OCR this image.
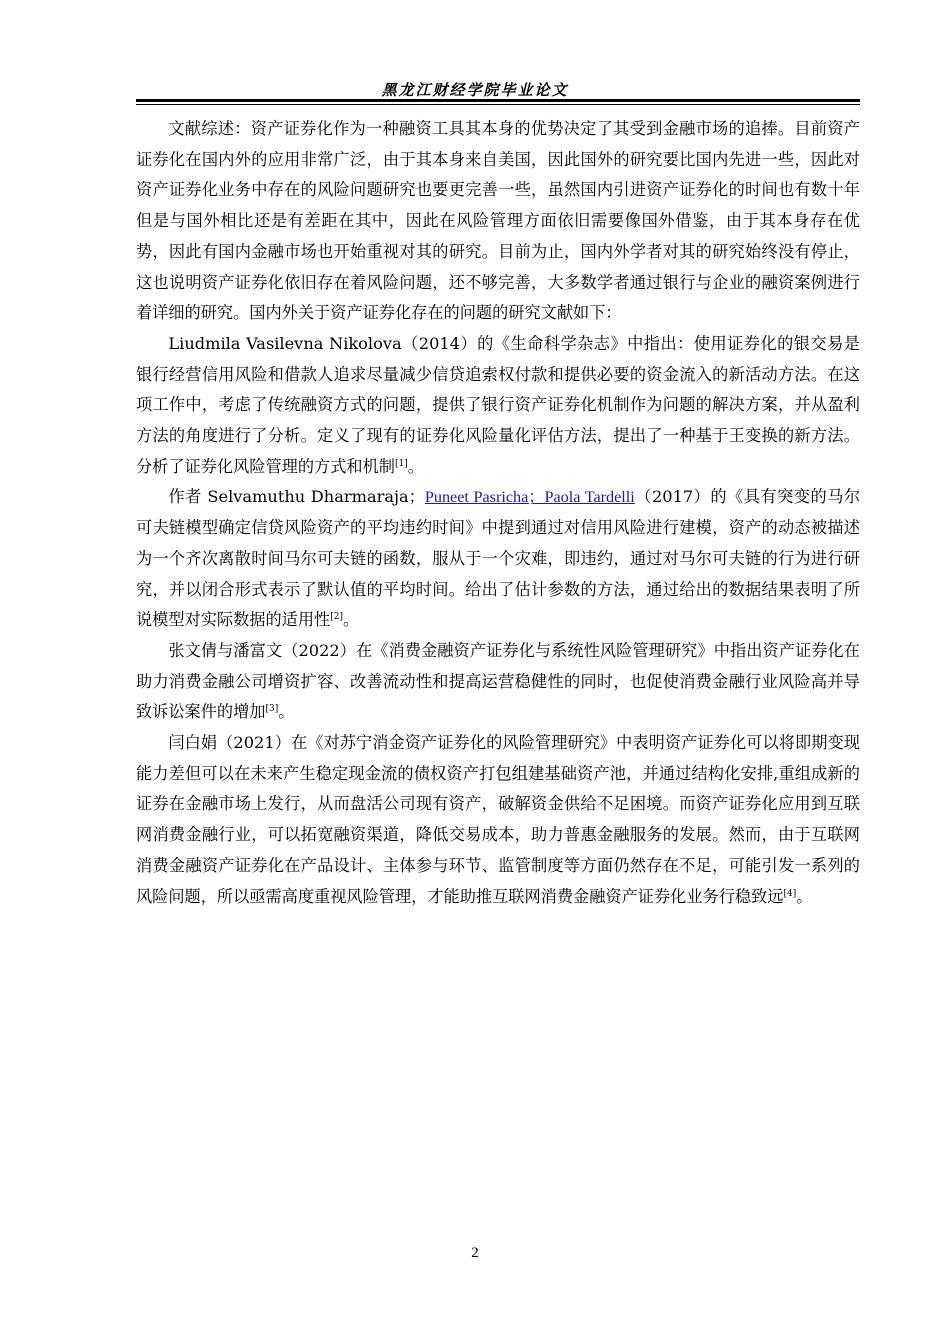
黑龙江财经学院毕业论文

文献综述：资产证券化作为一种融资工具其本身的优势决定了其受到金融市场的追捧。目前资产证券化在国内外的应用非常广泛，由于其本身来自美国，因此国外的研究要比国内先进一些，因此对资产证券化业务中存在的风险问题研究也要更完善一些，虽然国内引进资产证券化的时间也有数十年但是与国外相比还是有差距在其中，因此在风险管理方面依旧需要像国外借鉴，由于其本身存在优势，因此有国内金融市场也开始重视对其的研究。目前为止，国内外学者对其的研究始终没有停止，这也说明资产证券化依旧存在着风险问题，还不够完善，大多数学者通过银行与企业的融资案例进行着详细的研究。国内外关于资产证券化存在的问题的研究文献如下：

Liudmila Vasilevna Nikolova（2014）的《生命科学杂志》中指出：使用证券化的银交易是银行经营信用风险和借款人追求尽量减少信贷追索权付款和提供必要的资金流入的新活动方法。在这项工作中，考虑了传统融资方式的问题，提供了银行资产证券化机制作为问题的解决方案，并从盈利方法的角度进行了分析。定义了现有的证券化风险量化评估方法，提出了一种基于王变换的新方法。分析了证券化风险管理的方式和机制[1]。

作者 Selvamuthu Dharmaraja；Puneet Pasricha；Paola Tardelli（2017）的《具有突变的马尔可夫链模型确定信贷风险资产的平均违约时间》中提到通过对信用风险进行建模，资产的动态被描述为一个齐次离散时间马尔可夫链的函数，服从于一个灾难，即违约，通过对马尔可夫链的行为进行研究，并以闭合形式表示了默认值的平均时间。给出了估计参数的方法，通过给出的数据结果表明了所说模型对实际数据的适用性[2]。

张文倩与潘富文（2022）在《消费金融资产证券化与系统性风险管理研究》中指出资产证券化在助力消费金融公司增资扩容、改善流动性和提高运营稳健性的同时，也促使消费金融行业风险高并导致诉讼案件的增加[3]。

闫白娟（2021）在《对苏宁消金资产证券化的风险管理研究》中表明资产证券化可以将即期变现能力差但可以在未来产生稳定现金流的债权资产打包组建基础资产池，并通过结构化安排,重组成新的证券在金融市场上发行，从而盘活公司现有资产，破解资金供给不足困境。而资产证券化应用到互联网消费金融行业，可以拓宽融资渠道，降低交易成本，助力普惠金融服务的发展。然而，由于互联网消费金融资产证券化在产品设计、主体参与环节、监管制度等方面仍然存在不足，可能引发一系列的风险问题，所以亟需高度重视风险管理，才能助推互联网消费金融资产证券化业务行稳致远[4]。

2
